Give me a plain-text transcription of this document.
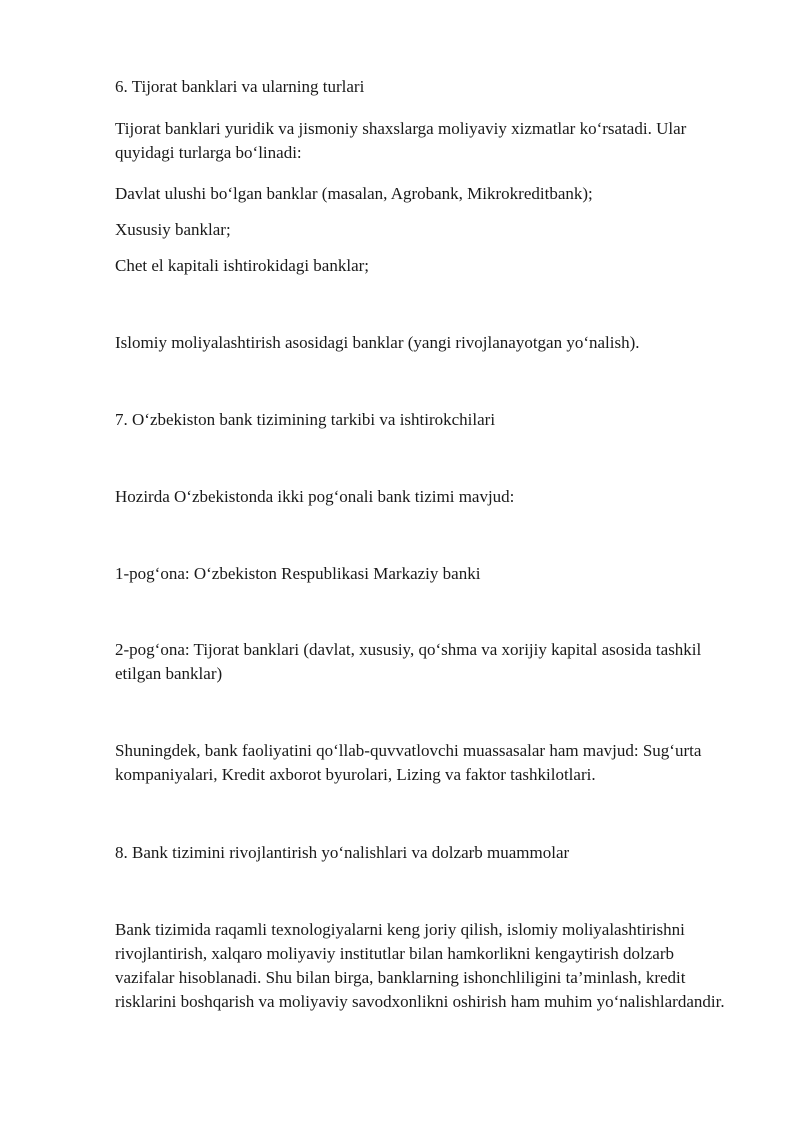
6. Tijorat banklari va ularning turlari

Tijorat banklari yuridik va jismoniy shaxslarga moliyaviy xizmatlar ko‘rsatadi. Ular quyidagi turlarga bo‘linadi:

Davlat ulushi bo‘lgan banklar (masalan, Agrobank, Mikrokreditbank);

Xususiy banklar;

Chet el kapitali ishtirokidagi banklar;

Islomiy moliyalashtirish asosidagi banklar (yangi rivojlanayotgan yo‘nalish).

7. O‘zbekiston bank tizimining tarkibi va ishtirokchilari

Hozirda O‘zbekistonda ikki pog‘onali bank tizimi mavjud:

1-pog‘ona: O‘zbekiston Respublikasi Markaziy banki

2-pog‘ona: Tijorat banklari (davlat, xususiy, qo‘shma va xorijiy kapital asosida tashkil etilgan banklar)

Shuningdek, bank faoliyatini qo‘llab-quvvatlovchi muassasalar ham mavjud: Sug‘urta kompaniyalari, Kredit axborot byurolari, Lizing va faktor tashkilotlari.

8. Bank tizimini rivojlantirish yo‘nalishlari va dolzarb muammolar

Bank tizimida raqamli texnologiyalarni keng joriy qilish, islomiy moliyalashtirishni rivojlantirish, xalqaro moliyaviy institutlar bilan hamkorlikni kengaytirish dolzarb vazifalar hisoblanadi. Shu bilan birga, banklarning ishonchliligini ta’minlash, kredit risklarini boshqarish va moliyaviy savodxonlikni oshirish ham muhim yo‘nalishlardandir.
